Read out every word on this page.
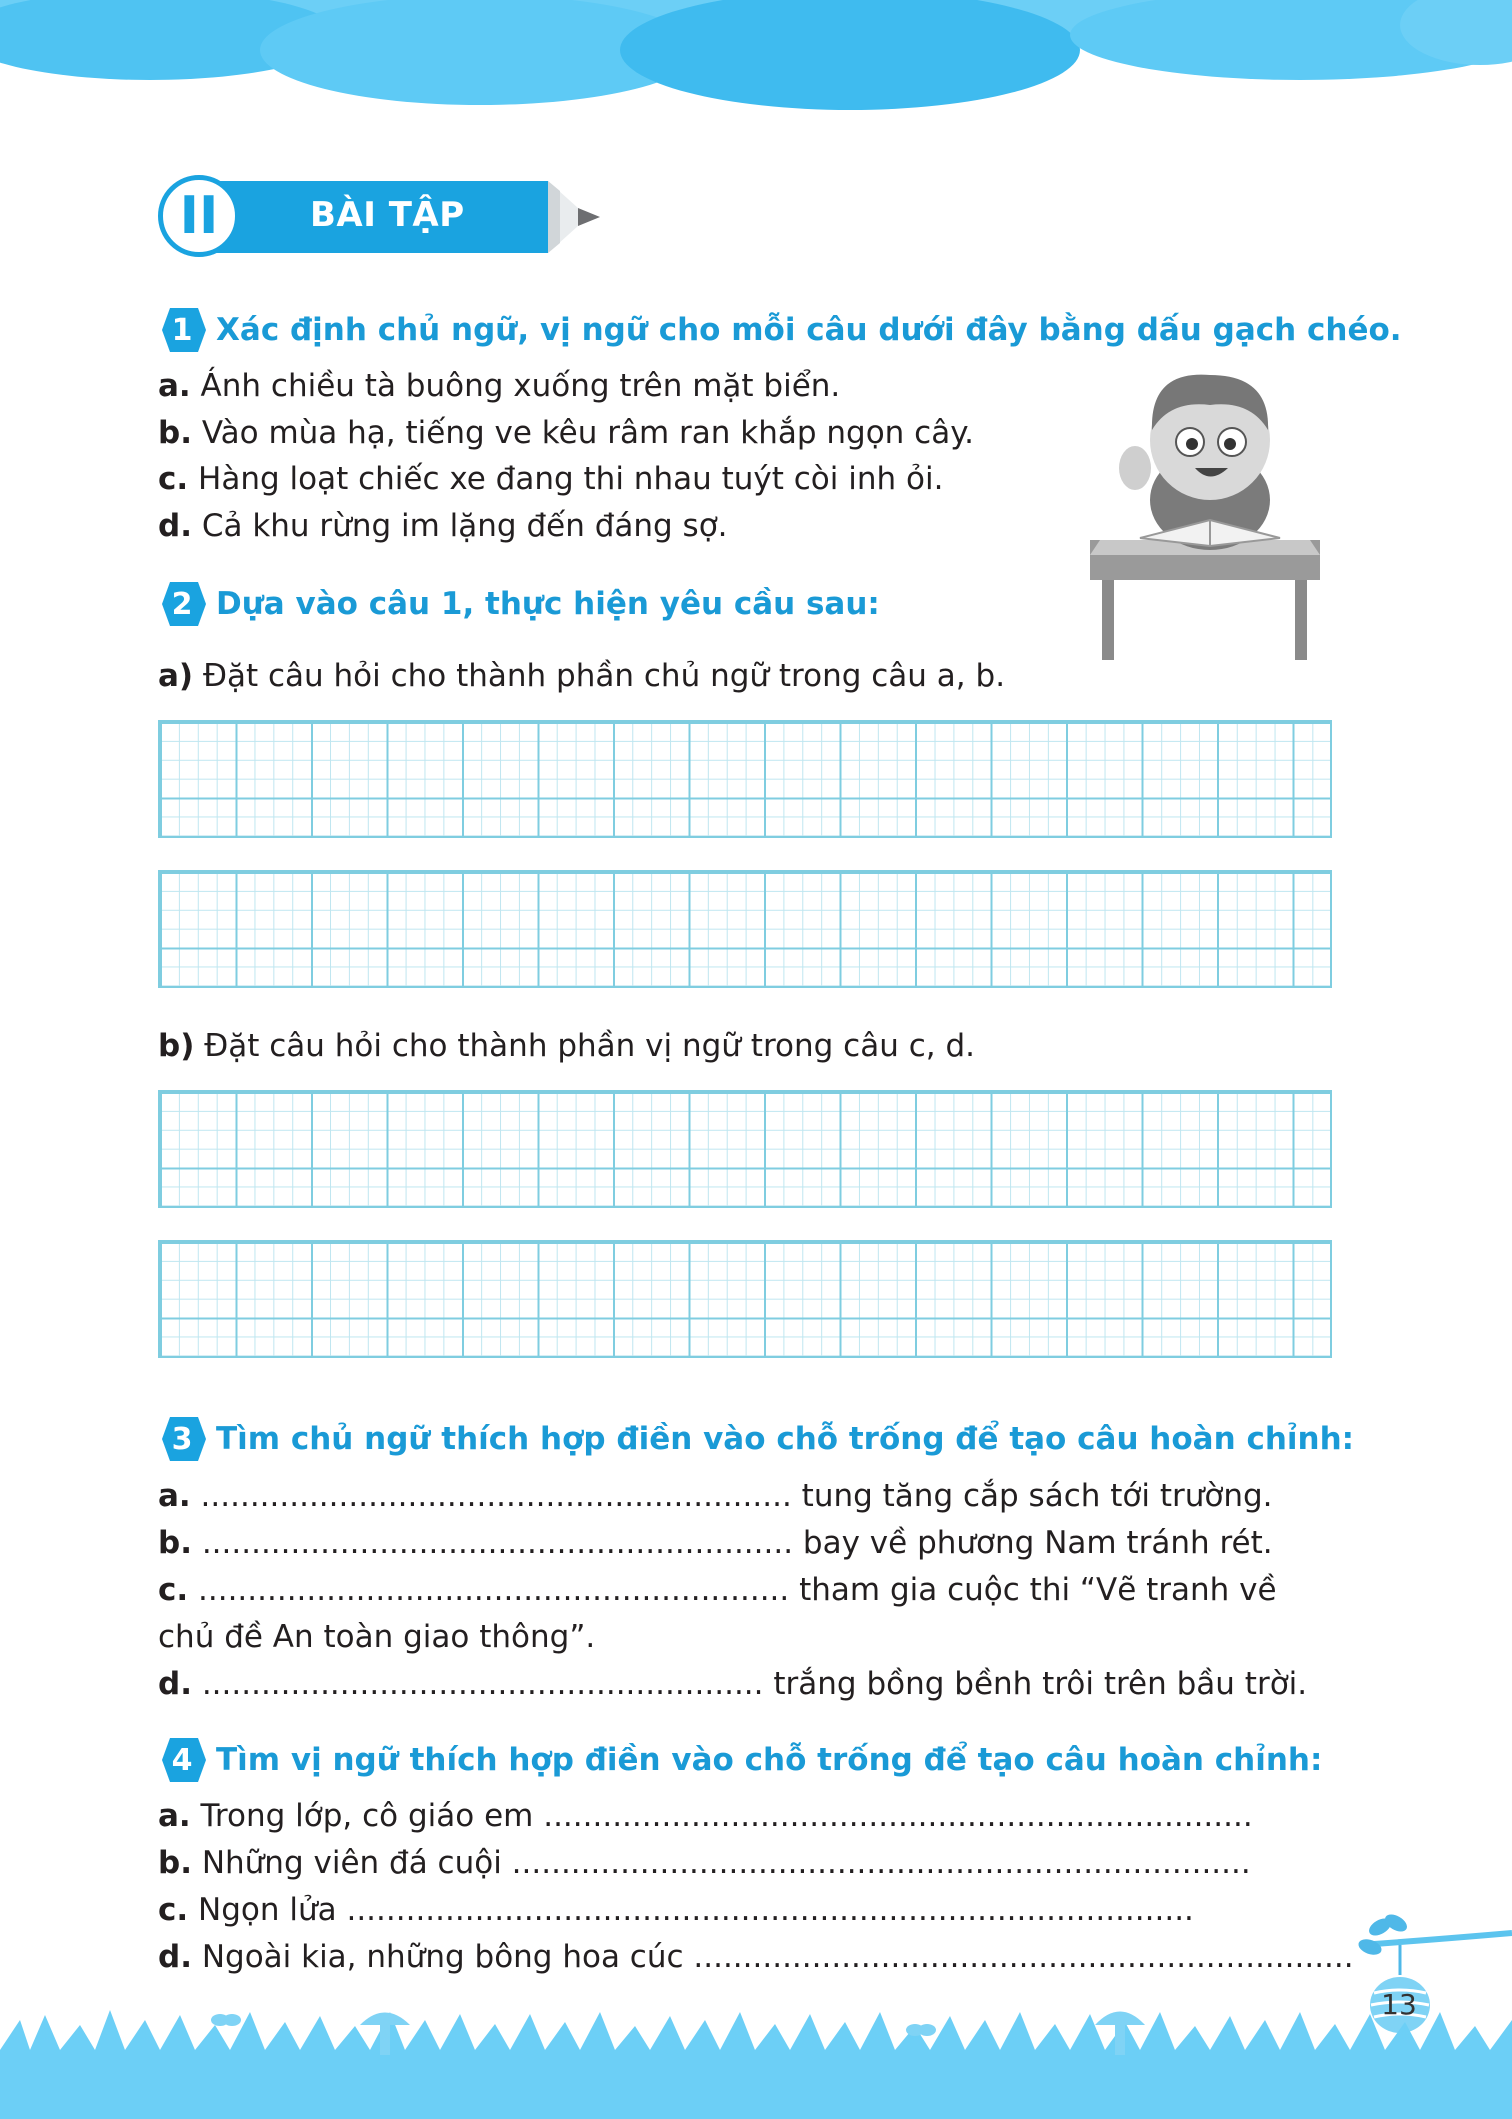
II	BÀI TẬP
1 Xác định chủ ngữ, vị ngữ cho mỗi câu dưới đây bằng dấu gạch chéo.
a. Ánh chiều tà buông xuống trên mặt biển.
b. Vào mùa hạ, tiếng ve kêu râm ran khắp ngọn cây.
c. Hàng loạt chiếc xe đang thi nhau tuýt còi inh ỏi.
d. Cả khu rừng im lặng đến đáng sợ.
2 Dựa vào câu 1, thực hiện yêu cầu sau:
a) Đặt câu hỏi cho thành phần chủ ngữ trong câu a, b.
b) Đặt câu hỏi cho thành phần vị ngữ trong câu c, d.
3 Tìm chủ ngữ thích hợp điền vào chỗ trống để tạo câu hoàn chỉnh:
a. ............................................................ tung tăng cắp sách tới trường.
b. ............................................................ bay về phương Nam tránh rét.
c. ............................................................ tham gia cuộc thi “Vẽ tranh về
chủ đề An toàn giao thông”.
d. ......................................................... trắng bồng bềnh trôi trên bầu trời.
4 Tìm vị ngữ thích hợp điền vào chỗ trống để tạo câu hoàn chỉnh:
a. Trong lớp, cô giáo em ........................................................................
b. Những viên đá cuội ...........................................................................
c. Ngọn lửa ......................................................................................
d. Ngoài kia, những bông hoa cúc ...................................................................
13
